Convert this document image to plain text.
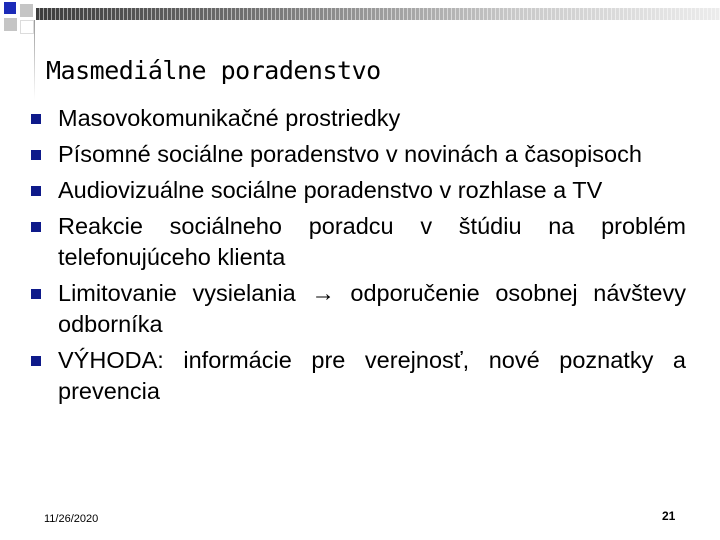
Masmediálne poradenstvo
Masovokomunikačné prostriedky
Písomné sociálne poradenstvo v novinách a časopisoch
Audiovizuálne sociálne poradenstvo v rozhlase a TV
Reakcie sociálneho poradcu v štúdiu na problém telefonujúceho klienta
Limitovanie vysielania → odporučenie osobnej návštevy odborníka
VÝHODA: informácie pre verejnosť, nové poznatky a prevencia
11/26/2020	21
